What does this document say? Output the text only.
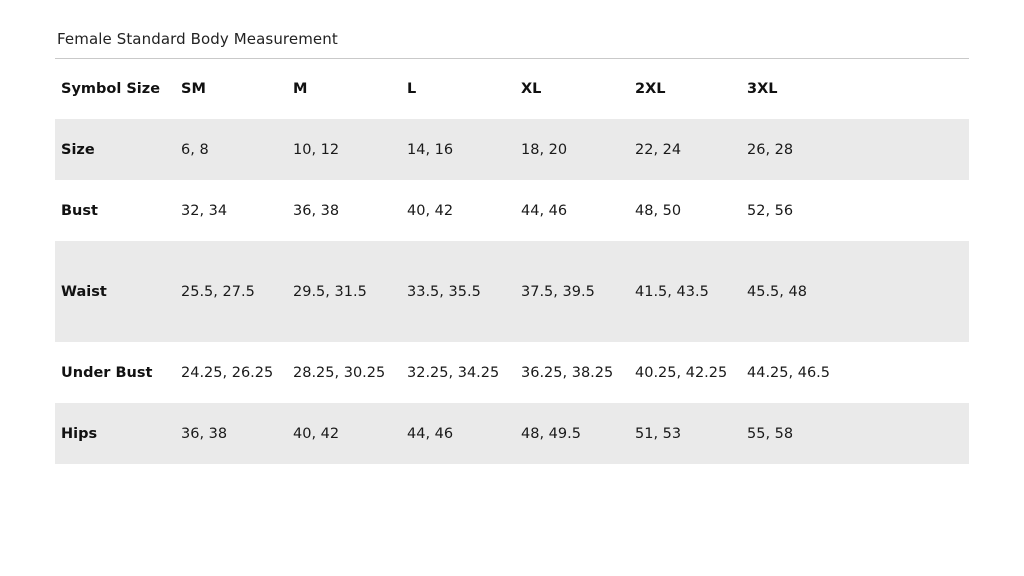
Female Standard Body Measurement
Symbol Size	SM	M	L	XL	2XL	3XL
Size	6, 8	10, 12	14, 16	18, 20	22, 24	26, 28
Bust	32, 34	36, 38	40, 42	44, 46	48, 50	52, 56
Waist	25.5, 27.5	29.5, 31.5	33.5, 35.5	37.5, 39.5	41.5, 43.5	45.5, 48
Under Bust	24.25, 26.25	28.25, 30.25	32.25, 34.25	36.25, 38.25	40.25, 42.25	44.25, 46.5
Hips	36, 38	40, 42	44, 46	48, 49.5	51, 53	55, 58
